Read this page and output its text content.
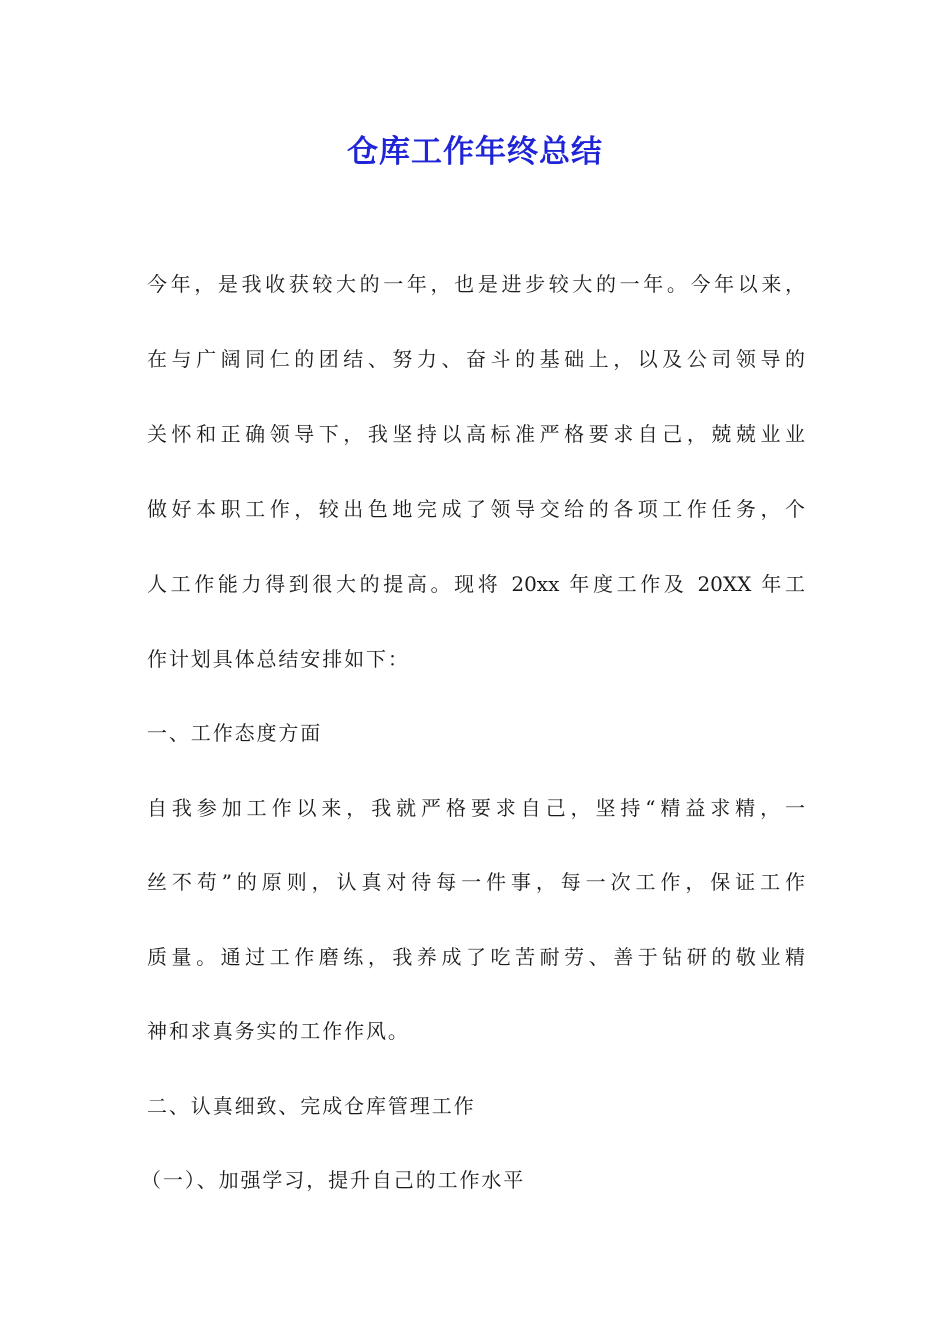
仓库工作年终总结
今年，是我收获较大的一年，也是进步较大的一年。今年以来，
在与广阔同仁的团结、努力、奋斗的基础上，以及公司领导的
关怀和正确领导下，我坚持以高标准严格要求自己，兢兢业业
做好本职工作，较出色地完成了领导交给的各项工作任务，个
人工作能力得到很大的提高。现将 20xx 年度工作及 20XX 年工
作计划具体总结安排如下：
一、工作态度方面
自我参加工作以来，我就严格要求自己，坚持“精益求精，一
丝不苟”的原则，认真对待每一件事，每一次工作，保证工作
质量。通过工作磨练，我养成了吃苦耐劳、善于钻研的敬业精
神和求真务实的工作作风。
二、认真细致、完成仓库管理工作
（一）、加强学习，提升自己的工作水平
